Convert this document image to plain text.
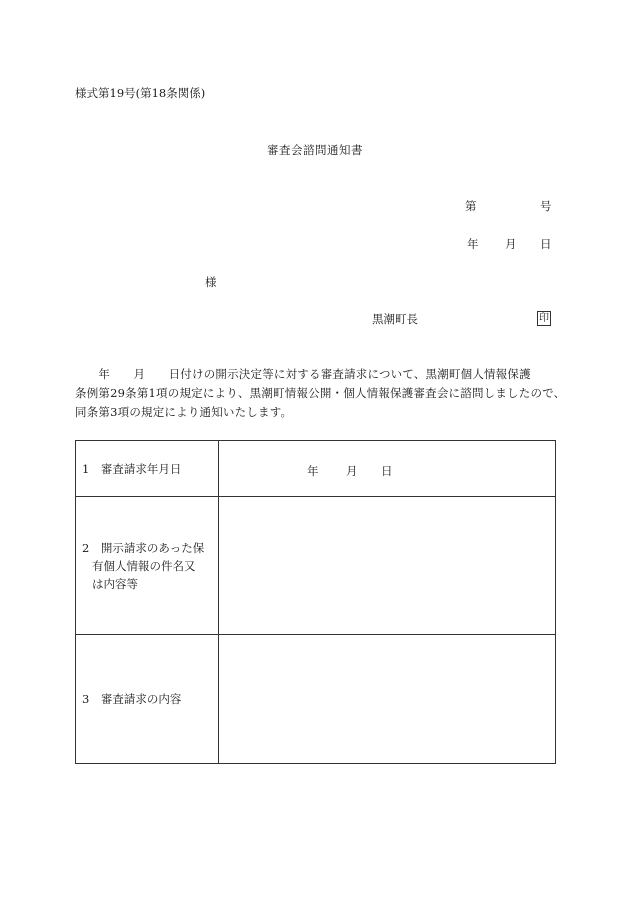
様式第19号(第18条関係)
審査会諮問通知書
第	号
年 月 日
様
黒潮町長	印
　　年　　月　　日付けの開示決定等に対する審査請求について、黒潮町個人情報保護
条例第29条第1項の規定により、黒潮町情報公開・個人情報保護審査会に諮問しましたので、
同条第3項の規定により通知いたします。
1　審査請求年月日	年 月 日

2　開示請求のあった保
有個人情報の件名又
は内容等	

3　審査請求の内容	
